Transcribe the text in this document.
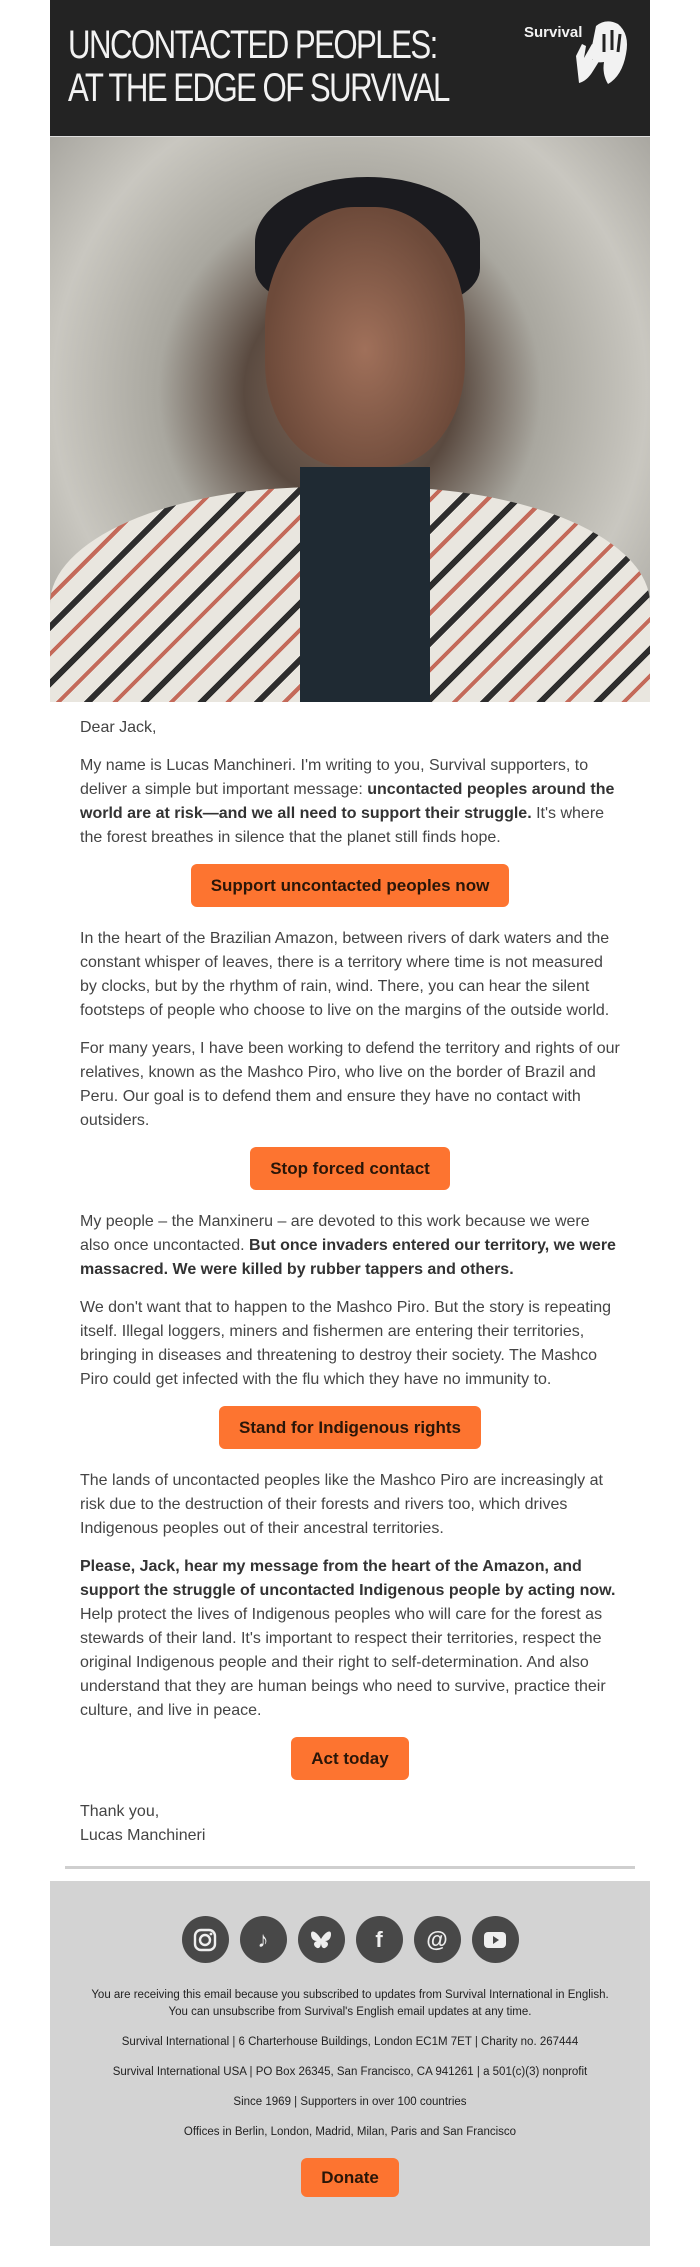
UNCONTACTED PEOPLES:
AT THE EDGE OF SURVIVAL
Survival

Dear Jack,

My name is Lucas Manchineri. I'm writing to you, Survival supporters, to deliver a simple but important message: uncontacted peoples around the world are at risk—and we all need to support their struggle. It's where the forest breathes in silence that the planet still finds hope.

Support uncontacted peoples now

In the heart of the Brazilian Amazon, between rivers of dark waters and the constant whisper of leaves, there is a territory where time is not measured by clocks, but by the rhythm of rain, wind. There, you can hear the silent footsteps of people who choose to live on the margins of the outside world.

For many years, I have been working to defend the territory and rights of our relatives, known as the Mashco Piro, who live on the border of Brazil and Peru. Our goal is to defend them and ensure they have no contact with outsiders.

Stop forced contact

My people – the Manxineru – are devoted to this work because we were also once uncontacted. But once invaders entered our territory, we were massacred. We were killed by rubber tappers and others.

We don't want that to happen to the Mashco Piro. But the story is repeating itself. Illegal loggers, miners and fishermen are entering their territories, bringing in diseases and threatening to destroy their society. The Mashco Piro could get infected with the flu which they have no immunity to.

Stand for Indigenous rights

The lands of uncontacted peoples like the Mashco Piro are increasingly at risk due to the destruction of their forests and rivers too, which drives Indigenous peoples out of their ancestral territories.

Please, Jack, hear my message from the heart of the Amazon, and support the struggle of uncontacted Indigenous people by acting now. Help protect the lives of Indigenous peoples who will care for the forest as stewards of their land. It's important to respect their territories, respect the original Indigenous people and their right to self-determination. And also understand that they are human beings who need to survive, practice their culture, and live in peace.

Act today

Thank you,
Lucas Manchineri

♪	f	@

You are receiving this email because you subscribed to updates from Survival International in English.
You can unsubscribe from Survival's English email updates at any time.

Survival International | 6 Charterhouse Buildings, London EC1M 7ET | Charity no. 267444

Survival International USA | PO Box 26345, San Francisco, CA 941261 | a 501(c)(3) nonprofit

Since 1969 | Supporters in over 100 countries

Offices in Berlin, London, Madrid, Milan, Paris and San Francisco

Donate
